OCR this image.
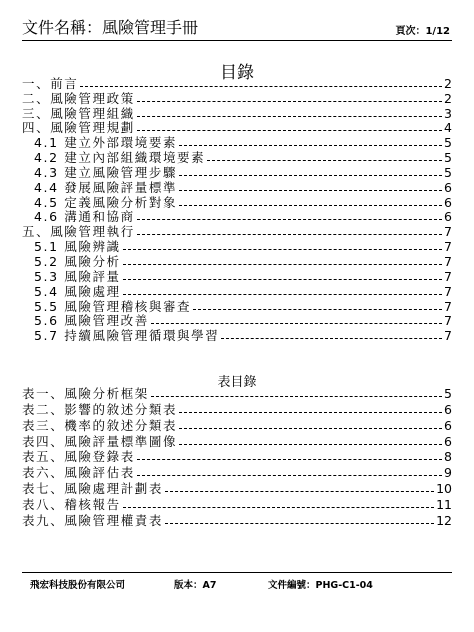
文件名稱：風險管理手冊	頁次：1/12
目錄
一、前言	2
二、風險管理政策	2
三、風險管理組織	3
四、風險管理規劃	4
4.1 建立外部環境要素	5
4.2 建立內部組織環境要素	5
4.3 建立風險管理步驟	5
4.4 發展風險評量標準	6
4.5 定義風險分析對象	6
4.6 溝通和協商	6
五、風險管理執行	7
5.1 風險辨識	7
5.2 風險分析	7
5.3 風險評量	7
5.4 風險處理	7
5.5 風險管理稽核與審查	7
5.6 風險管理改善	7
5.7 持續風險管理循環與學習	7
表目錄
表一、風險分析框架	5
表二、影響的敘述分類表	6
表三、機率的敘述分類表	6
表四、風險評量標準圖像	6
表五、風險登錄表	8
表六、風險評估表	9
表七、風險處理計劃表	10
表八、稽核報告	11
表九、風險管理權責表	12
飛宏科技股份有限公司	版本：A7	文件編號：PHG-C1-04
